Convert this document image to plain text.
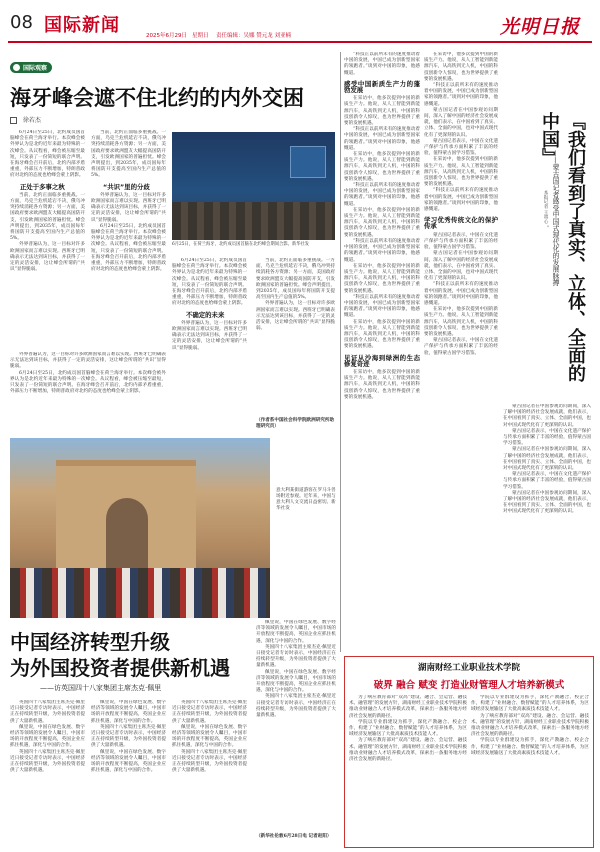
08 国际新闻	2025年6月29日 星期日 责任编辑：吴娜 赞元龙 刘亚楠	光明日报
国际观察
海牙峰会遮不住北约的内外交困
徐若杰

6月24日至25日，北约成员国首脑峰会在荷兰海牙举行。本次峰会被外界认为是北约近年来最为特殊的一次峰会。从议程看，峰会被压缩至最短，只发表了一份简短的联合声明。在海牙峰会召开前后，北约内部矛盾重重，外部压力不断增加，特朗普政府对北约的态度也给峰会蒙上阴影。

正处于多事之秋

当前，北约正面临多重挑战。一方面，乌克兰危机延宕不决，俄乌冲突持续消耗各方资源；另一方面，美国政府要求欧洲盟友大幅提高国防开支，引发欧洲国家的普遍担忧。峰会声明提出，到2035年，成员国每年将国防开支提高至国内生产总值的5%。

外界普遍认为，这一目标对许多欧洲国家而言难以实现。西班牙已明确表示无法达到该目标，并获得了一定的灵活安排，这让峰会所谓的“共识”显得脆弱。

当前，北约正面临多重挑战。一方面，乌克兰危机延宕不决，俄乌冲突持续消耗各方资源；另一方面，美国政府要求欧洲盟友大幅提高国防开支，引发欧洲国家的普遍担忧。峰会声明提出，到2035年，成员国每年将国防开支提高至国内生产总值的5%。

“共识”里的分歧

外界普遍认为，这一目标对许多欧洲国家而言难以实现。西班牙已明确表示无法达到该目标，并获得了一定的灵活安排，这让峰会所谓的“共识”显得脆弱。

6月24日至25日，北约成员国首脑峰会在荷兰海牙举行。本次峰会被外界认为是北约近年来最为特殊的一次峰会。从议程看，峰会被压缩至最短，只发表了一份简短的联合声明。在海牙峰会召开前后，北约内部矛盾重重，外部压力不断增加，特朗普政府对北约的态度也给峰会蒙上阴影。

6月25日，在荷兰海牙，北约成员国首脑在北约峰会期间合影。新华社发

6月24日至25日，北约成员国首脑峰会在荷兰海牙举行。本次峰会被外界认为是北约近年来最为特殊的一次峰会。从议程看，峰会被压缩至最短，只发表了一份简短的联合声明。在海牙峰会召开前后，北约内部矛盾重重，外部压力不断增加，特朗普政府对北约的态度也给峰会蒙上阴影。

不确定的未来

外界普遍认为，这一目标对许多欧洲国家而言难以实现。西班牙已明确表示无法达到该目标，并获得了一定的灵活安排，这让峰会所谓的“共识”显得脆弱。

当前，北约正面临多重挑战。一方面，乌克兰危机延宕不决，俄乌冲突持续消耗各方资源；另一方面，美国政府要求欧洲盟友大幅提高国防开支，引发欧洲国家的普遍担忧。峰会声明提出，到2035年，成员国每年将国防开支提高至国内生产总值的5%。

外界普遍认为，这一目标对许多欧洲国家而言难以实现。西班牙已明确表示无法达到该目标，并获得了一定的灵活安排，这让峰会所谓的“共识”显得脆弱。

（作者系中国社会科学院欧洲研究所助理研究员）

外界普遍认为，这一目标对许多欧洲国家而言难以实现。西班牙已明确表示无法达到该目标，并获得了一定的灵活安排，这让峰会所谓的“共识”显得脆弱。

6月24日至25日，北约成员国首脑峰会在荷兰海牙举行。本次峰会被外界认为是北约近年来最为特殊的一次峰会。从议程看，峰会被压缩至最短，只发表了一份简短的联合声明。在海牙峰会召开前后，北约内部矛盾重重，外部压力不断增加，特朗普政府对北约的态度也给峰会蒙上阴影。

“科技正以前所未有的速度推动着中国的发展，中国已成为创新型国家的领跑者。”谈到对中国的印象，他感慨道。

感受中国新质生产力的蓬勃发展

在采访中，他多次提到中国的新质生产力。他说，从人工智能到新能源汽车，从高铁到无人机，中国的科技创新令人惊叹，也为世界提供了重要的发展机遇。

“科技正以前所未有的速度推动着中国的发展，中国已成为创新型国家的领跑者。”谈到对中国的印象，他感慨道。

在采访中，他多次提到中国的新质生产力。他说，从人工智能到新能源汽车，从高铁到无人机，中国的科技创新令人惊叹，也为世界提供了重要的发展机遇。

“科技正以前所未有的速度推动着中国的发展，中国已成为创新型国家的领跑者。”谈到对中国的印象，他感慨道。

在采访中，他多次提到中国的新质生产力。他说，从人工智能到新能源汽车，从高铁到无人机，中国的科技创新令人惊叹，也为世界提供了重要的发展机遇。

“科技正以前所未有的速度推动着中国的发展，中国已成为创新型国家的领跑者。”谈到对中国的印象，他感慨道。

在采访中，他多次提到中国的新质生产力。他说，从人工智能到新能源汽车，从高铁到无人机，中国的科技创新令人惊叹，也为世界提供了重要的发展机遇。

“科技正以前所未有的速度推动着中国的发展，中国已成为创新型国家的领跑者。”谈到对中国的印象，他感慨道。

在采访中，他多次提到中国的新质生产力。他说，从人工智能到新能源汽车，从高铁到无人机，中国的科技创新令人惊叹，也为世界提供了重要的发展机遇。

见证从沙海到绿洲的生态修复奇迹

在采访中，他多次提到中国的新质生产力。他说，从人工智能到新能源汽车，从高铁到无人机，中国的科技创新令人惊叹，也为世界提供了重要的发展机遇。

在采访中，他多次提到中国的新质生产力。他说，从人工智能到新能源汽车，从高铁到无人机，中国的科技创新令人惊叹，也为世界提供了重要的发展机遇。

“科技正以前所未有的速度推动着中国的发展，中国已成为创新型国家的领跑者。”谈到对中国的印象，他感慨道。

蒙古国记者在中国参观访问期间，深入了解中国的经济社会发展成就，他们表示，在中国看到了真实、立体、全面的中国，也对中国式现代化有了更深刻的认识。

蒙古国记者表示，中国在文化遗产保护与传承方面积累了丰富的经验，值得蒙古国学习借鉴。

在采访中，他多次提到中国的新质生产力。他说，从人工智能到新能源汽车，从高铁到无人机，中国的科技创新令人惊叹，也为世界提供了重要的发展机遇。

“科技正以前所未有的速度推动着中国的发展，中国已成为创新型国家的领跑者。”谈到对中国的印象，他感慨道。

学习优秀传统文化的保护传承

蒙古国记者表示，中国在文化遗产保护与传承方面积累了丰富的经验，值得蒙古国学习借鉴。

蒙古国记者在中国参观访问期间，深入了解中国的经济社会发展成就，他们表示，在中国看到了真实、立体、全面的中国，也对中国式现代化有了更深刻的认识。

“科技正以前所未有的速度推动着中国的发展，中国已成为创新型国家的领跑者。”谈到对中国的印象，他感慨道。

在采访中，他多次提到中国的新质生产力。他说，从人工智能到新能源汽车，从高铁到无人机，中国的科技创新令人惊叹，也为世界提供了重要的发展机遇。

蒙古国记者表示，中国在文化遗产保护与传承方面积累了丰富的经验，值得蒙古国学习借鉴。	『我们看到了真实、立体、全面的中国』
——蒙古国记者感受中国式现代化的发展脉搏
本报记者 王将心 ”

蒙古国记者在中国参观访问期间，深入了解中国的经济社会发展成就，他们表示，在中国看到了真实、立体、全面的中国，也对中国式现代化有了更深刻的认识。

蒙古国记者表示，中国在文化遗产保护与传承方面积累了丰富的经验，值得蒙古国学习借鉴。

蒙古国记者在中国参观访问期间，深入了解中国的经济社会发展成就，他们表示，在中国看到了真实、立体、全面的中国，也对中国式现代化有了更深刻的认识。

蒙古国记者表示，中国在文化遗产保护与传承方面积累了丰富的经验，值得蒙古国学习借鉴。

蒙古国记者在中国参观访问期间，深入了解中国的经济社会发展成就，他们表示，在中国看到了真实、立体、全面的中国，也对中国式现代化有了更深刻的认识。

意大利某街道游客在罗马斗兽场附近参观。近年来，中国与意大利人文交流日益密切。新华社发
中国经济转型升级
为外国投资者提供新机遇
——访英国四十八家集团主席杰克·佩里

英国四十八家集团主席杰克·佩里近日接受记者专访时表示，中国经济正在持续转型升级，为外国投资者提供了大量新机遇。

佩里说，中国在绿色发展、数字经济等领域的发展令人瞩目，中国市场的开放程度不断提高，英国企业应抓住机遇，深化与中国的合作。

英国四十八家集团主席杰克·佩里近日接受记者专访时表示，中国经济正在持续转型升级，为外国投资者提供了大量新机遇。

佩里说，中国在绿色发展、数字经济等领域的发展令人瞩目，中国市场的开放程度不断提高，英国企业应抓住机遇，深化与中国的合作。

英国四十八家集团主席杰克·佩里近日接受记者专访时表示，中国经济正在持续转型升级，为外国投资者提供了大量新机遇。

佩里说，中国在绿色发展、数字经济等领域的发展令人瞩目，中国市场的开放程度不断提高，英国企业应抓住机遇，深化与中国的合作。

英国四十八家集团主席杰克·佩里近日接受记者专访时表示，中国经济正在持续转型升级，为外国投资者提供了大量新机遇。

佩里说，中国在绿色发展、数字经济等领域的发展令人瞩目，中国市场的开放程度不断提高，英国企业应抓住机遇，深化与中国的合作。

英国四十八家集团主席杰克·佩里近日接受记者专访时表示，中国经济正在持续转型升级，为外国投资者提供了大量新机遇。

佩里说，中国在绿色发展、数字经济等领域的发展令人瞩目，中国市场的开放程度不断提高，英国企业应抓住机遇，深化与中国的合作。

英国四十八家集团主席杰克·佩里近日接受记者专访时表示，中国经济正在持续转型升级，为外国投资者提供了大量新机遇。

佩里说，中国在绿色发展、数字经济等领域的发展令人瞩目，中国市场的开放程度不断提高，英国企业应抓住机遇，深化与中国的合作。

英国四十八家集团主席杰克·佩里近日接受记者专访时表示，中国经济正在持续转型升级，为外国投资者提供了大量新机遇。

（新华社伦敦6月28日电 记者赵阳）
湖南财经工业职业技术学院
破界 融合 赋变 打造业财管理人才培养新模式

为了响应教育部对“双高”建设、融合、会运营、融技术、融管理”的发展方针，湖南财经工业职业技术学院积极推动业财融合人才培养模式改革，探索出一条服务地方经济社会发展的新路径。

学院以专业群建设为抓手，深化产教融合、校企合作，构建了“业财融合、数智赋能”的人才培养体系，为区域经济发展输送了大批高素质技术技能人才。

为了响应教育部对“双高”建设、融合、会运营、融技术、融管理”的发展方针，湖南财经工业职业技术学院积极推动业财融合人才培养模式改革，探索出一条服务地方经济社会发展的新路径。

学院以专业群建设为抓手，深化产教融合、校企合作，构建了“业财融合、数智赋能”的人才培养体系，为区域经济发展输送了大批高素质技术技能人才。

为了响应教育部对“双高”建设、融合、会运营、融技术、融管理”的发展方针，湖南财经工业职业技术学院积极推动业财融合人才培养模式改革，探索出一条服务地方经济社会发展的新路径。

学院以专业群建设为抓手，深化产教融合、校企合作，构建了“业财融合、数智赋能”的人才培养体系，为区域经济发展输送了大批高素质技术技能人才。
